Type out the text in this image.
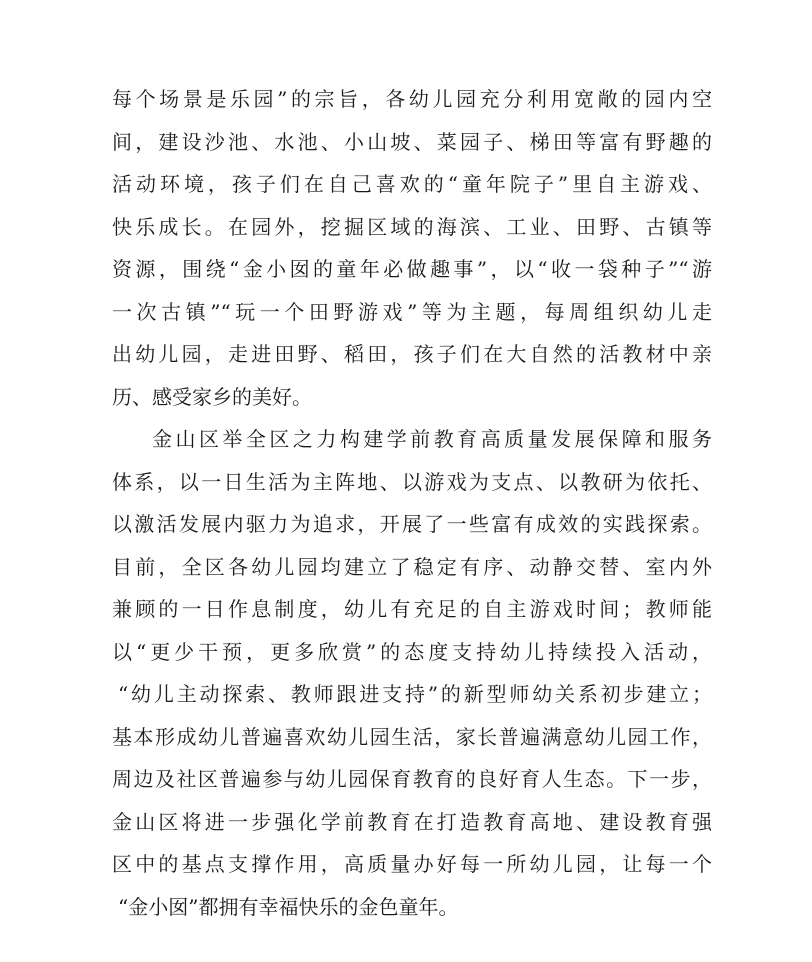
每个场景是乐园”的宗旨，各幼儿园充分利用宽敞的园内空
间，建设沙池、水池、小山坡、菜园子、梯田等富有野趣的
活动环境，孩子们在自己喜欢的“童年院子”里自主游戏、
快乐成长。在园外，挖掘区域的海滨、工业、田野、古镇等
资源，围绕“金小囡的童年必做趣事”，以“收一袋种子”“游
一次古镇”“玩一个田野游戏”等为主题，每周组织幼儿走
出幼儿园，走进田野、稻田，孩子们在大自然的活教材中亲
历、感受家乡的美好。
金山区举全区之力构建学前教育高质量发展保障和服务
体系，以一日生活为主阵地、以游戏为支点、以教研为依托、
以激活发展内驱力为追求，开展了一些富有成效的实践探索。
目前，全区各幼儿园均建立了稳定有序、动静交替、室内外
兼顾的一日作息制度，幼儿有充足的自主游戏时间；教师能
以“更少干预，更多欣赏”的态度支持幼儿持续投入活动，
“幼儿主动探索、教师跟进支持”的新型师幼关系初步建立；
基本形成幼儿普遍喜欢幼儿园生活，家长普遍满意幼儿园工作，
周边及社区普遍参与幼儿园保育教育的良好育人生态。下一步，
金山区将进一步强化学前教育在打造教育高地、建设教育强
区中的基点支撑作用，高质量办好每一所幼儿园，让每一个
“金小囡”都拥有幸福快乐的金色童年。
